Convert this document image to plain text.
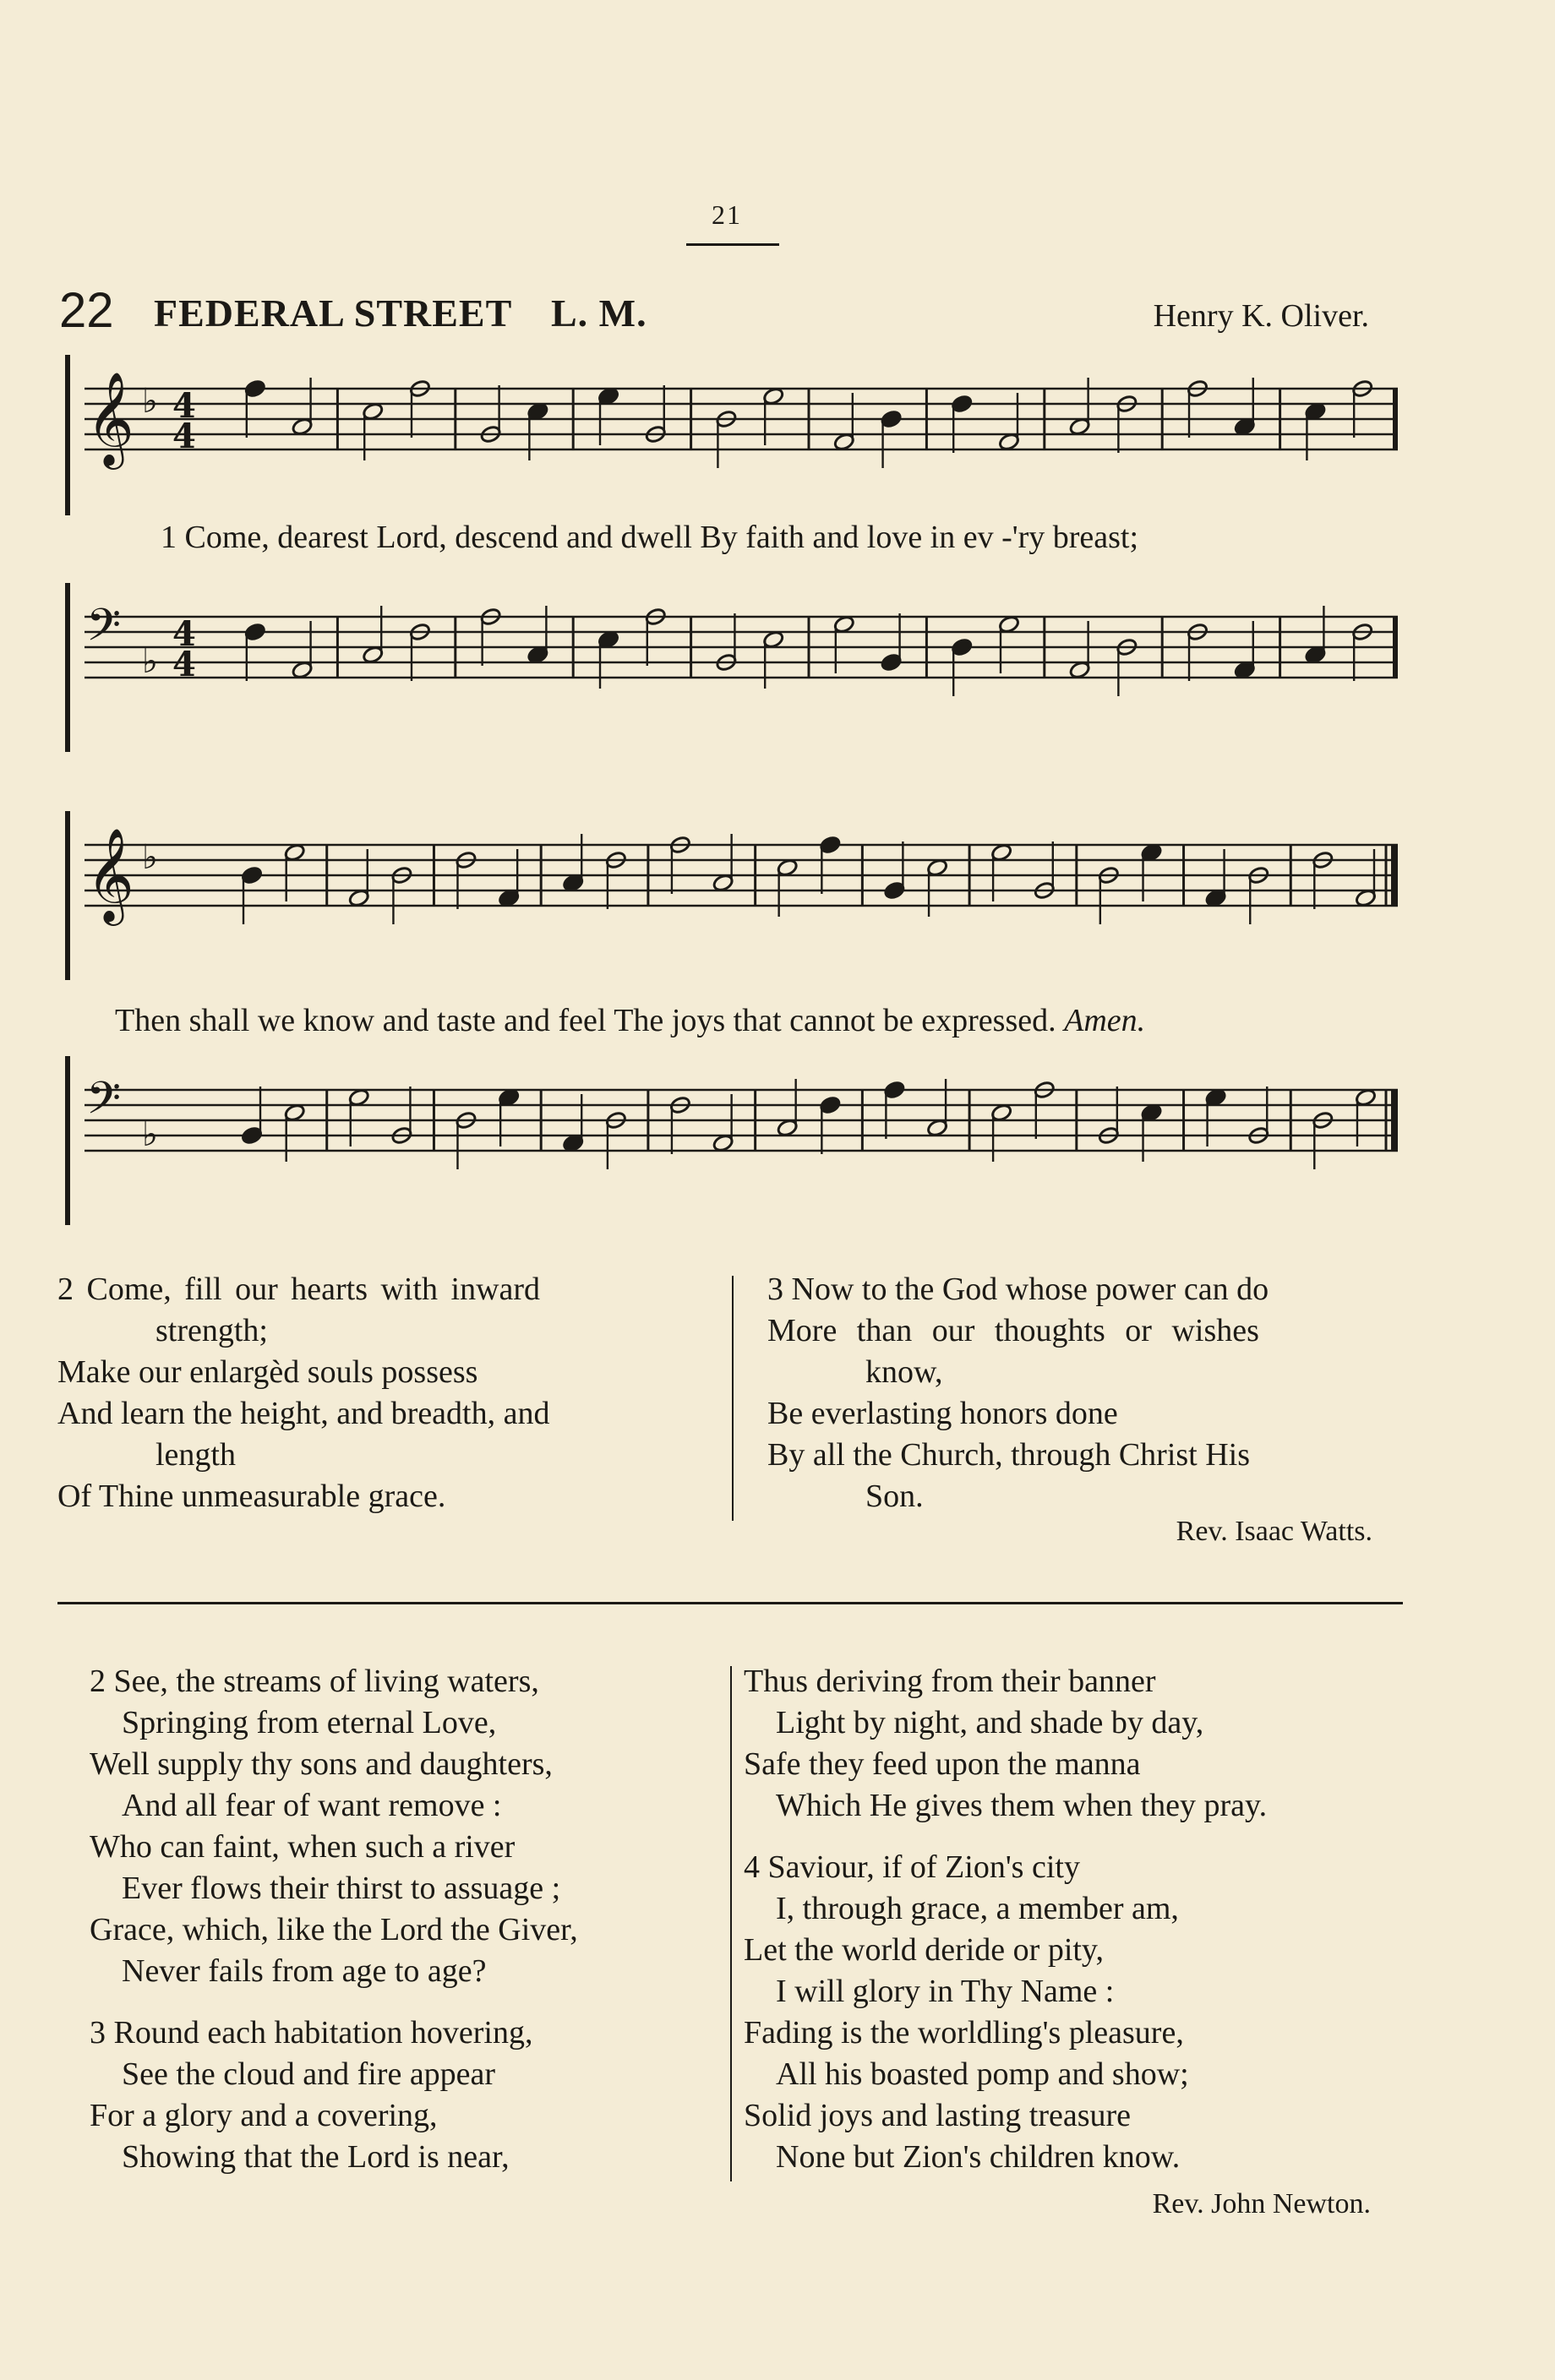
21
22 FEDERAL STREET L. M.	Henry K. Oliver.
𝄞 ♭ 4
4
1 Come, dearest Lord, descend and dwell By faith and love in ev -'ry breast;
𝄢 ♭
4
4
𝄞 ♭
Then shall we know and taste and feel The joys that cannot be expressed. Amen.
𝄢 ♭
2 Come, fill our hearts with inward
strength;
Make our enlargèd souls possess
And learn the height, and breadth, and
length
Of Thine unmeasurable grace.
3 Now to the God whose power can do
More than our thoughts or wishes
know,
Be everlasting honors done
By all the Church, through Christ His
Son.
Rev. Isaac Watts.
2 See, the streams of living waters,
Springing from eternal Love,
Well supply thy sons and daughters,
And all fear of want remove :
Who can faint, when such a river
Ever flows their thirst to assuage ;
Grace, which, like the Lord the Giver,
Never fails from age to age?
3 Round each habitation hovering,
See the cloud and fire appear
For a glory and a covering,
Showing that the Lord is near,
Thus deriving from their banner
Light by night, and shade by day,
Safe they feed upon the manna
Which He gives them when they pray.
4 Saviour, if of Zion's city
I, through grace, a member am,
Let the world deride or pity,
I will glory in Thy Name :
Fading is the worldling's pleasure,
All his boasted pomp and show;
Solid joys and lasting treasure
None but Zion's children know.
Rev. John Newton.
